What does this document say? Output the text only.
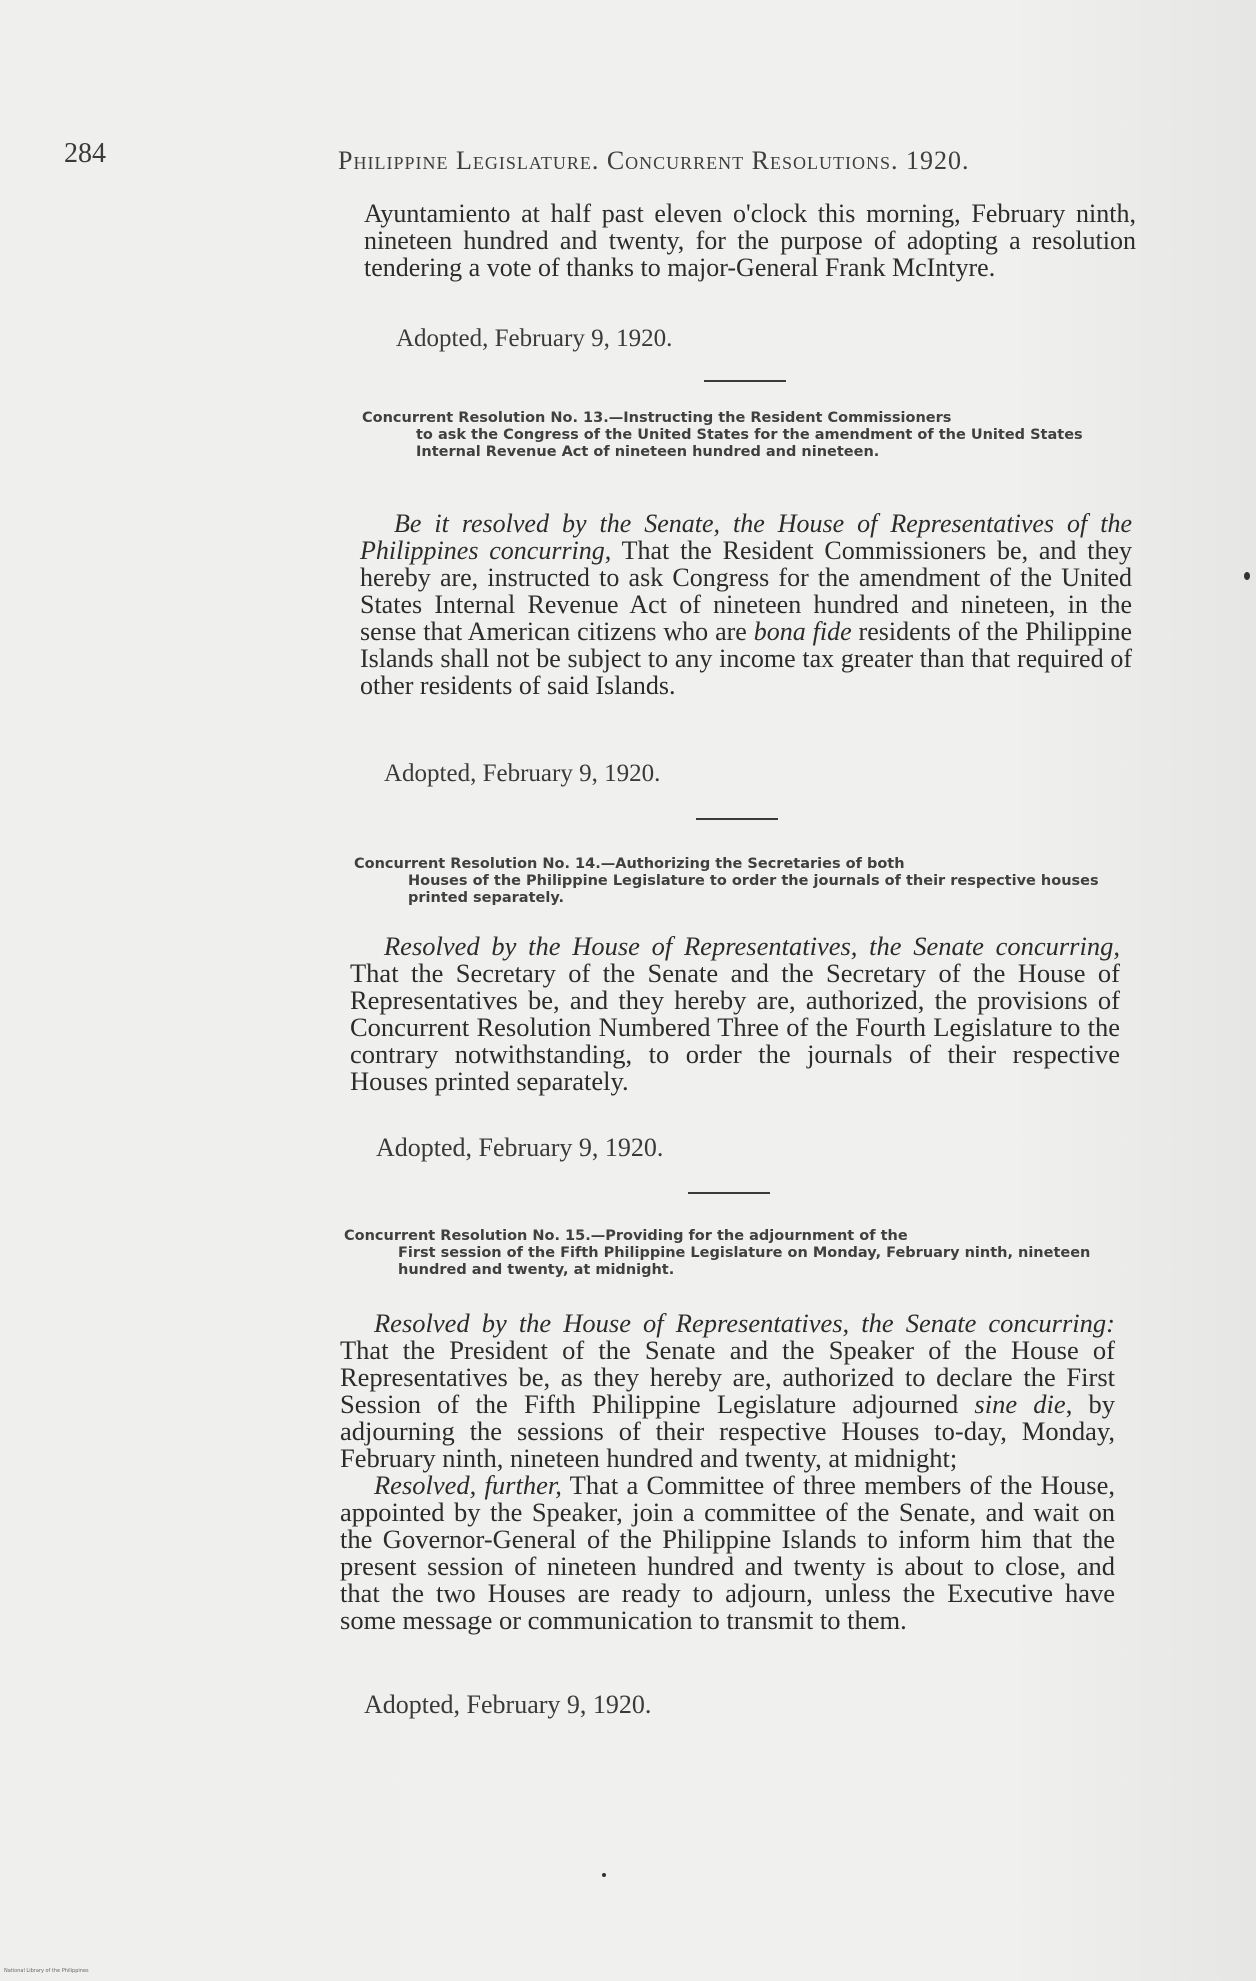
284	Philippine Legislature. Concurrent Resolutions. 1920.
Ayuntamiento at half past eleven o'clock this morning, February ninth, nineteen hundred and twenty, for the purpose of adopting a resolution tendering a vote of thanks to major-General Frank McIntyre.
Adopted, February 9, 1920.
Concurrent Resolution No. 13.—Instructing the Resident Commissioners
to ask the Congress of the United States for the amendment of the United States Internal Revenue Act of nineteen hundred and nineteen.
Be it resolved by the Senate, the House of Representatives of the Philippines concurring, That the Resident Commissioners be, and they hereby are, instructed to ask Congress for the amendment of the United States Internal Revenue Act of nineteen hundred and nineteen, in the sense that American citizens who are bona fide residents of the Philippine Islands shall not be subject to any income tax greater than that required of other residents of said Islands.
Adopted, February 9, 1920.
Concurrent Resolution No. 14.—Authorizing the Secretaries of both
Houses of the Philippine Legislature to order the journals of their respective houses printed separately.
Resolved by the House of Representatives, the Senate concurring, That the Secretary of the Senate and the Secretary of the House of Representatives be, and they hereby are, authorized, the provisions of Concurrent Resolution Numbered Three of the Fourth Legislature to the contrary notwithstanding, to order the journals of their respective Houses printed separately.
Adopted, February 9, 1920.
Concurrent Resolution No. 15.—Providing for the adjournment of the
First session of the Fifth Philippine Legislature on Monday, February ninth, nineteen hundred and twenty, at midnight.
Resolved by the House of Representatives, the Senate concurring: That the President of the Senate and the Speaker of the House of Representatives be, as they hereby are, authorized to declare the First Session of the Fifth Philippine Legislature adjourned sine die, by adjourning the sessions of their respective Houses to-day, Monday, February ninth, nineteen hundred and twenty, at midnight;
Resolved, further, That a Committee of three members of the House, appointed by the Speaker, join a committee of the Senate, and wait on the Governor-General of the Philippine Islands to inform him that the present session of nineteen hundred and twenty is about to close, and that the two Houses are ready to adjourn, unless the Executive have some message or communication to transmit to them.
Adopted, February 9, 1920.
National Library of the Philippines
